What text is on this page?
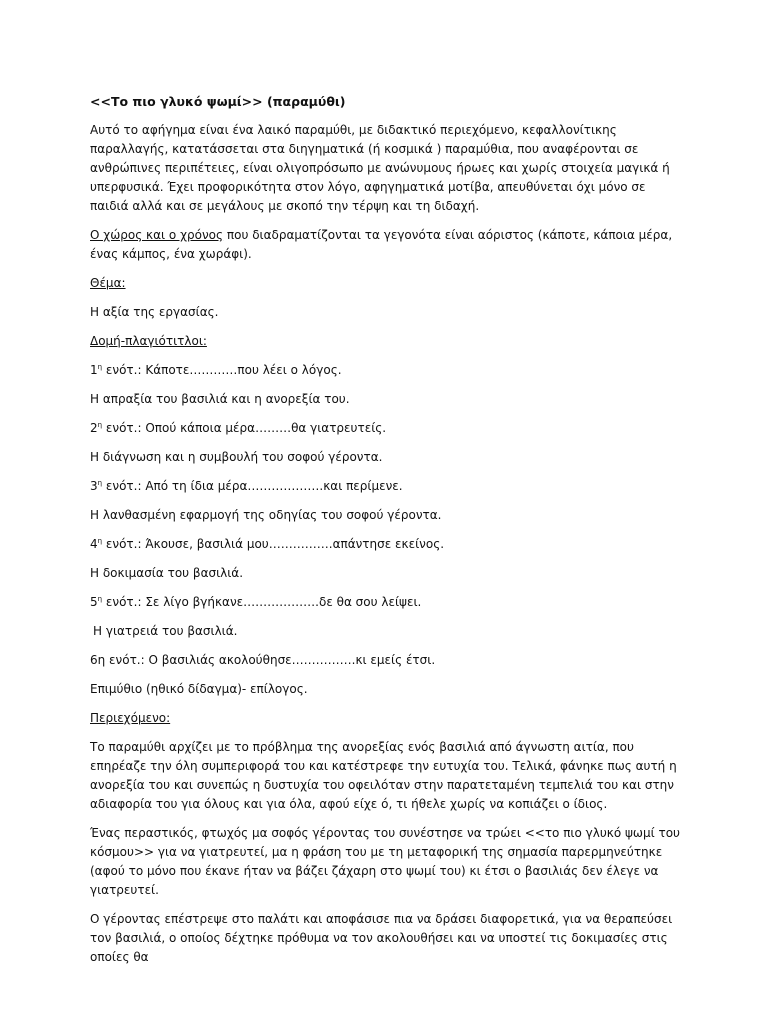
<<Το πιο γλυκό ψωμί>> (παραμύθι)

Αυτό το αφήγημα είναι ένα λαικό παραμύθι, με διδακτικό περιεχόμενο, κεφαλλονίτικης παραλλαγής, κατατάσσεται στα διηγηματικά (ή κοσμικά ) παραμύθια, που αναφέρονται σε ανθρώπινες περιπέτειες, είναι ολιγοπρόσωπο με ανώνυμους ήρωες και χωρίς στοιχεία μαγικά ή υπερφυσικά. Έχει προφορικότητα στον λόγο, αφηγηματικά μοτίβα, απευθύνεται όχι μόνο σε παιδιά αλλά και σε μεγάλους με σκοπό την τέρψη και τη διδαχή.

Ο χώρος και ο χρόνος που διαδραματίζονται τα γεγονότα είναι αόριστος (κάποτε, κάποια μέρα, ένας κάμπος, ένα χωράφι).

Θέμα:

Η αξία της εργασίας.

Δομή-πλαγιότιτλοι:

$1^\eta$ ενότ.: Κάποτε…………που λέει ο λόγος.

Η απραξία του βασιλιά και η ανορεξία του.

$2^\eta$ ενότ.: Οπού κάποια μέρα………θα γιατρευτείς.

Η διάγνωση και η συμβουλή του σοφού γέροντα.

$3^\eta$ ενότ.: Από τη ίδια μέρα……………….και περίμενε.

Η λανθασμένη εφαρμογή της οδηγίας του σοφού γέροντα.

$4^\eta$ ενότ.: Άκουσε, βασιλιά μου…………….απάντησε εκείνος.

Η δοκιμασία του βασιλιά.

$5^\eta$ ενότ.: Σε λίγο βγήκανε……………….δε θα σου λείψει.

Η γιατρειά του βασιλιά.

6η ενότ.: Ο βασιλιάς ακολούθησε…………….κι εμείς έτσι.

Επιμύθιο (ηθικό δίδαγμα)- επίλογος.

Περιεχόμενο:

Το παραμύθι αρχίζει με το πρόβλημα της ανορεξίας ενός βασιλιά από άγνωστη αιτία, που επηρέαζε την όλη συμπεριφορά του και κατέστρεφε την ευτυχία του. Τελικά, φάνηκε πως αυτή η ανορεξία του και συνεπώς η δυστυχία του οφειλόταν στην παρατεταμένη τεμπελιά του και στην αδιαφορία του για όλους και για όλα, αφού είχε ό, τι ήθελε χωρίς να κοπιάζει ο ίδιος.

Ένας περαστικός, φτωχός μα σοφός γέροντας του συνέστησε να τρώει <<το πιο γλυκό ψωμί του κόσμου>> για να γιατρευτεί, μα η φράση του με τη μεταφορική της σημασία παρερμηνεύτηκε (αφού το μόνο που έκανε ήταν να βάζει ζάχαρη στο ψωμί του) κι έτσι ο βασιλιάς δεν έλεγε να γιατρευτεί.

Ο γέροντας επέστρεψε στο παλάτι και αποφάσισε πια να δράσει διαφορετικά, για να θεραπεύσει τον βασιλιά, ο οποίος δέχτηκε πρόθυμα να τον ακολουθήσει και να υποστεί τις δοκιμασίες στις οποίες θα
